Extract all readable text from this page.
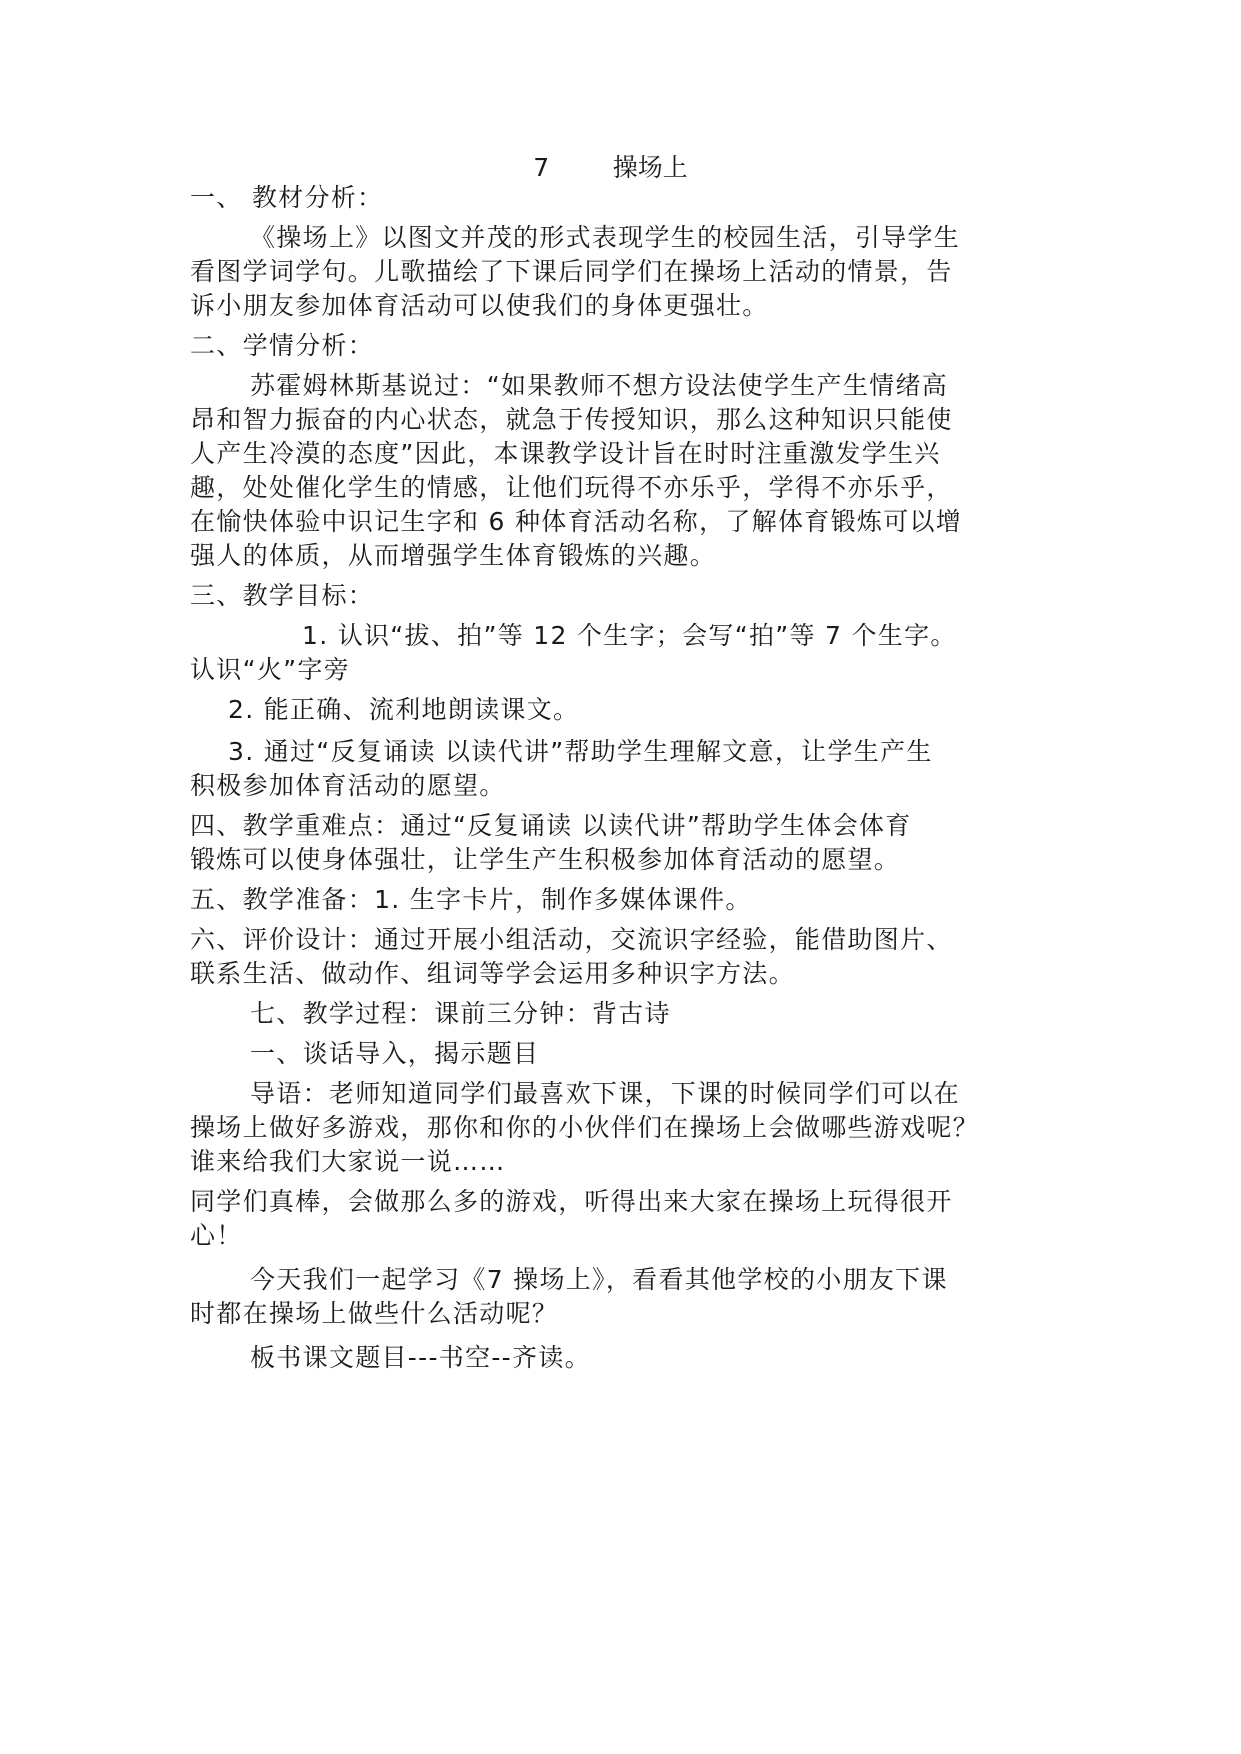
7        操场上
一、 教材分析：
《操场上》以图文并茂的形式表现学生的校园生活，引导学生
看图学词学句。儿歌描绘了下课后同学们在操场上活动的情景，告
诉小朋友参加体育活动可以使我们的身体更强壮。
二、学情分析：
苏霍姆林斯基说过：“如果教师不想方设法使学生产生情绪高
昂和智力振奋的内心状态，就急于传授知识，那么这种知识只能使
人产生冷漠的态度”因此，本课教学设计旨在时时注重激发学生兴
趣，处处催化学生的情感，让他们玩得不亦乐乎，学得不亦乐乎，
在愉快体验中识记生字和 6 种体育活动名称，了解体育锻炼可以增
强人的体质，从而增强学生体育锻炼的兴趣。
三、教学目标：
1. 认识“拔、拍”等 12 个生字；会写“拍”等 7 个生字。
认识“火”字旁
2. 能正确、流利地朗读课文。
3. 通过“反复诵读 以读代讲”帮助学生理解文意，让学生产生
积极参加体育活动的愿望。
四、教学重难点：通过“反复诵读 以读代讲”帮助学生体会体育
锻炼可以使身体强壮，让学生产生积极参加体育活动的愿望。
五、教学准备：1. 生字卡片，制作多媒体课件。
六、评价设计：通过开展小组活动，交流识字经验，能借助图片、
联系生活、做动作、组词等学会运用多种识字方法。
七、教学过程：课前三分钟：背古诗
一、谈话导入，揭示题目
导语：老师知道同学们最喜欢下课，下课的时候同学们可以在
操场上做好多游戏，那你和你的小伙伴们在操场上会做哪些游戏呢？
谁来给我们大家说一说……
同学们真棒，会做那么多的游戏，听得出来大家在操场上玩得很开
心！
今天我们一起学习《7 操场上》，看看其他学校的小朋友下课
时都在操场上做些什么活动呢？
板书课文题目---书空--齐读。
